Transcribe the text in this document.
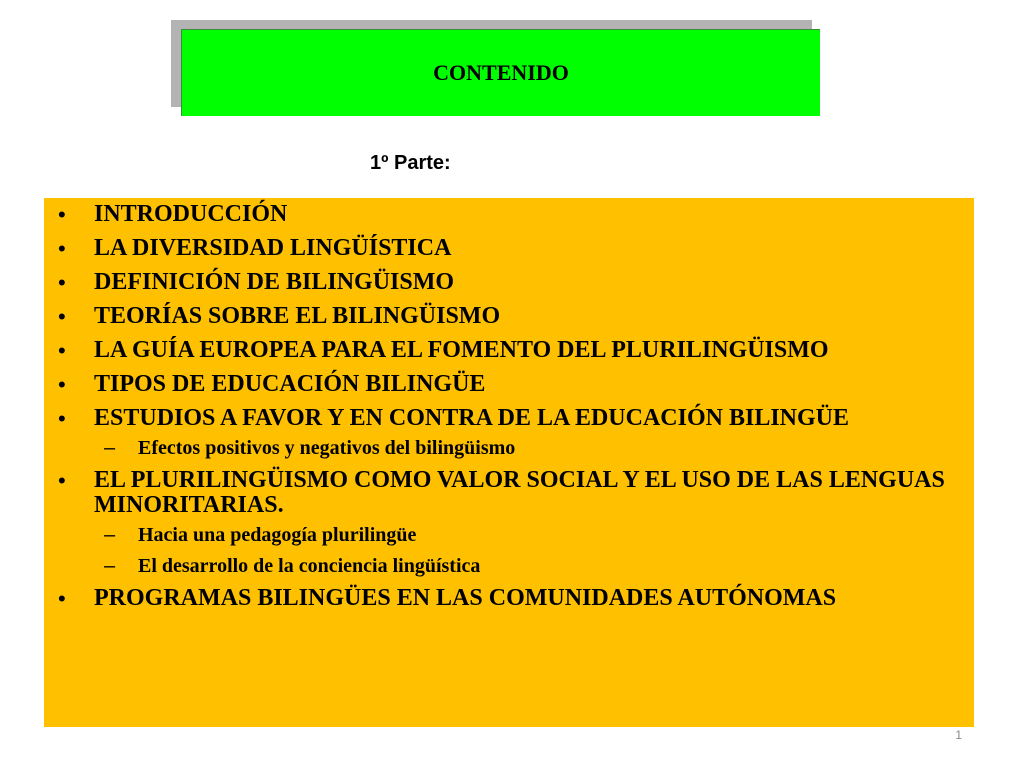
CONTENIDO
1º Parte:
•	INTRODUCCIÓN
•	LA DIVERSIDAD LINGÜÍSTICA
•	DEFINICIÓN DE BILINGÜISMO
•	TEORÍAS SOBRE EL BILINGÜISMO
•	LA GUÍA EUROPEA PARA EL FOMENTO DEL PLURILINGÜISMO
•	TIPOS DE EDUCACIÓN BILINGÜE
•	ESTUDIOS A FAVOR Y EN CONTRA DE LA EDUCACIÓN BILINGÜE
– Efectos positivos y negativos del bilingüismo
•	EL PLURILINGÜISMO COMO VALOR SOCIAL Y EL USO DE LAS LENGUAS MINORITARIAS.
– Hacia una pedagogía plurilingüe
– El desarrollo de la conciencia lingüística
•	PROGRAMAS BILINGÜES EN LAS COMUNIDADES AUTÓNOMAS
1
